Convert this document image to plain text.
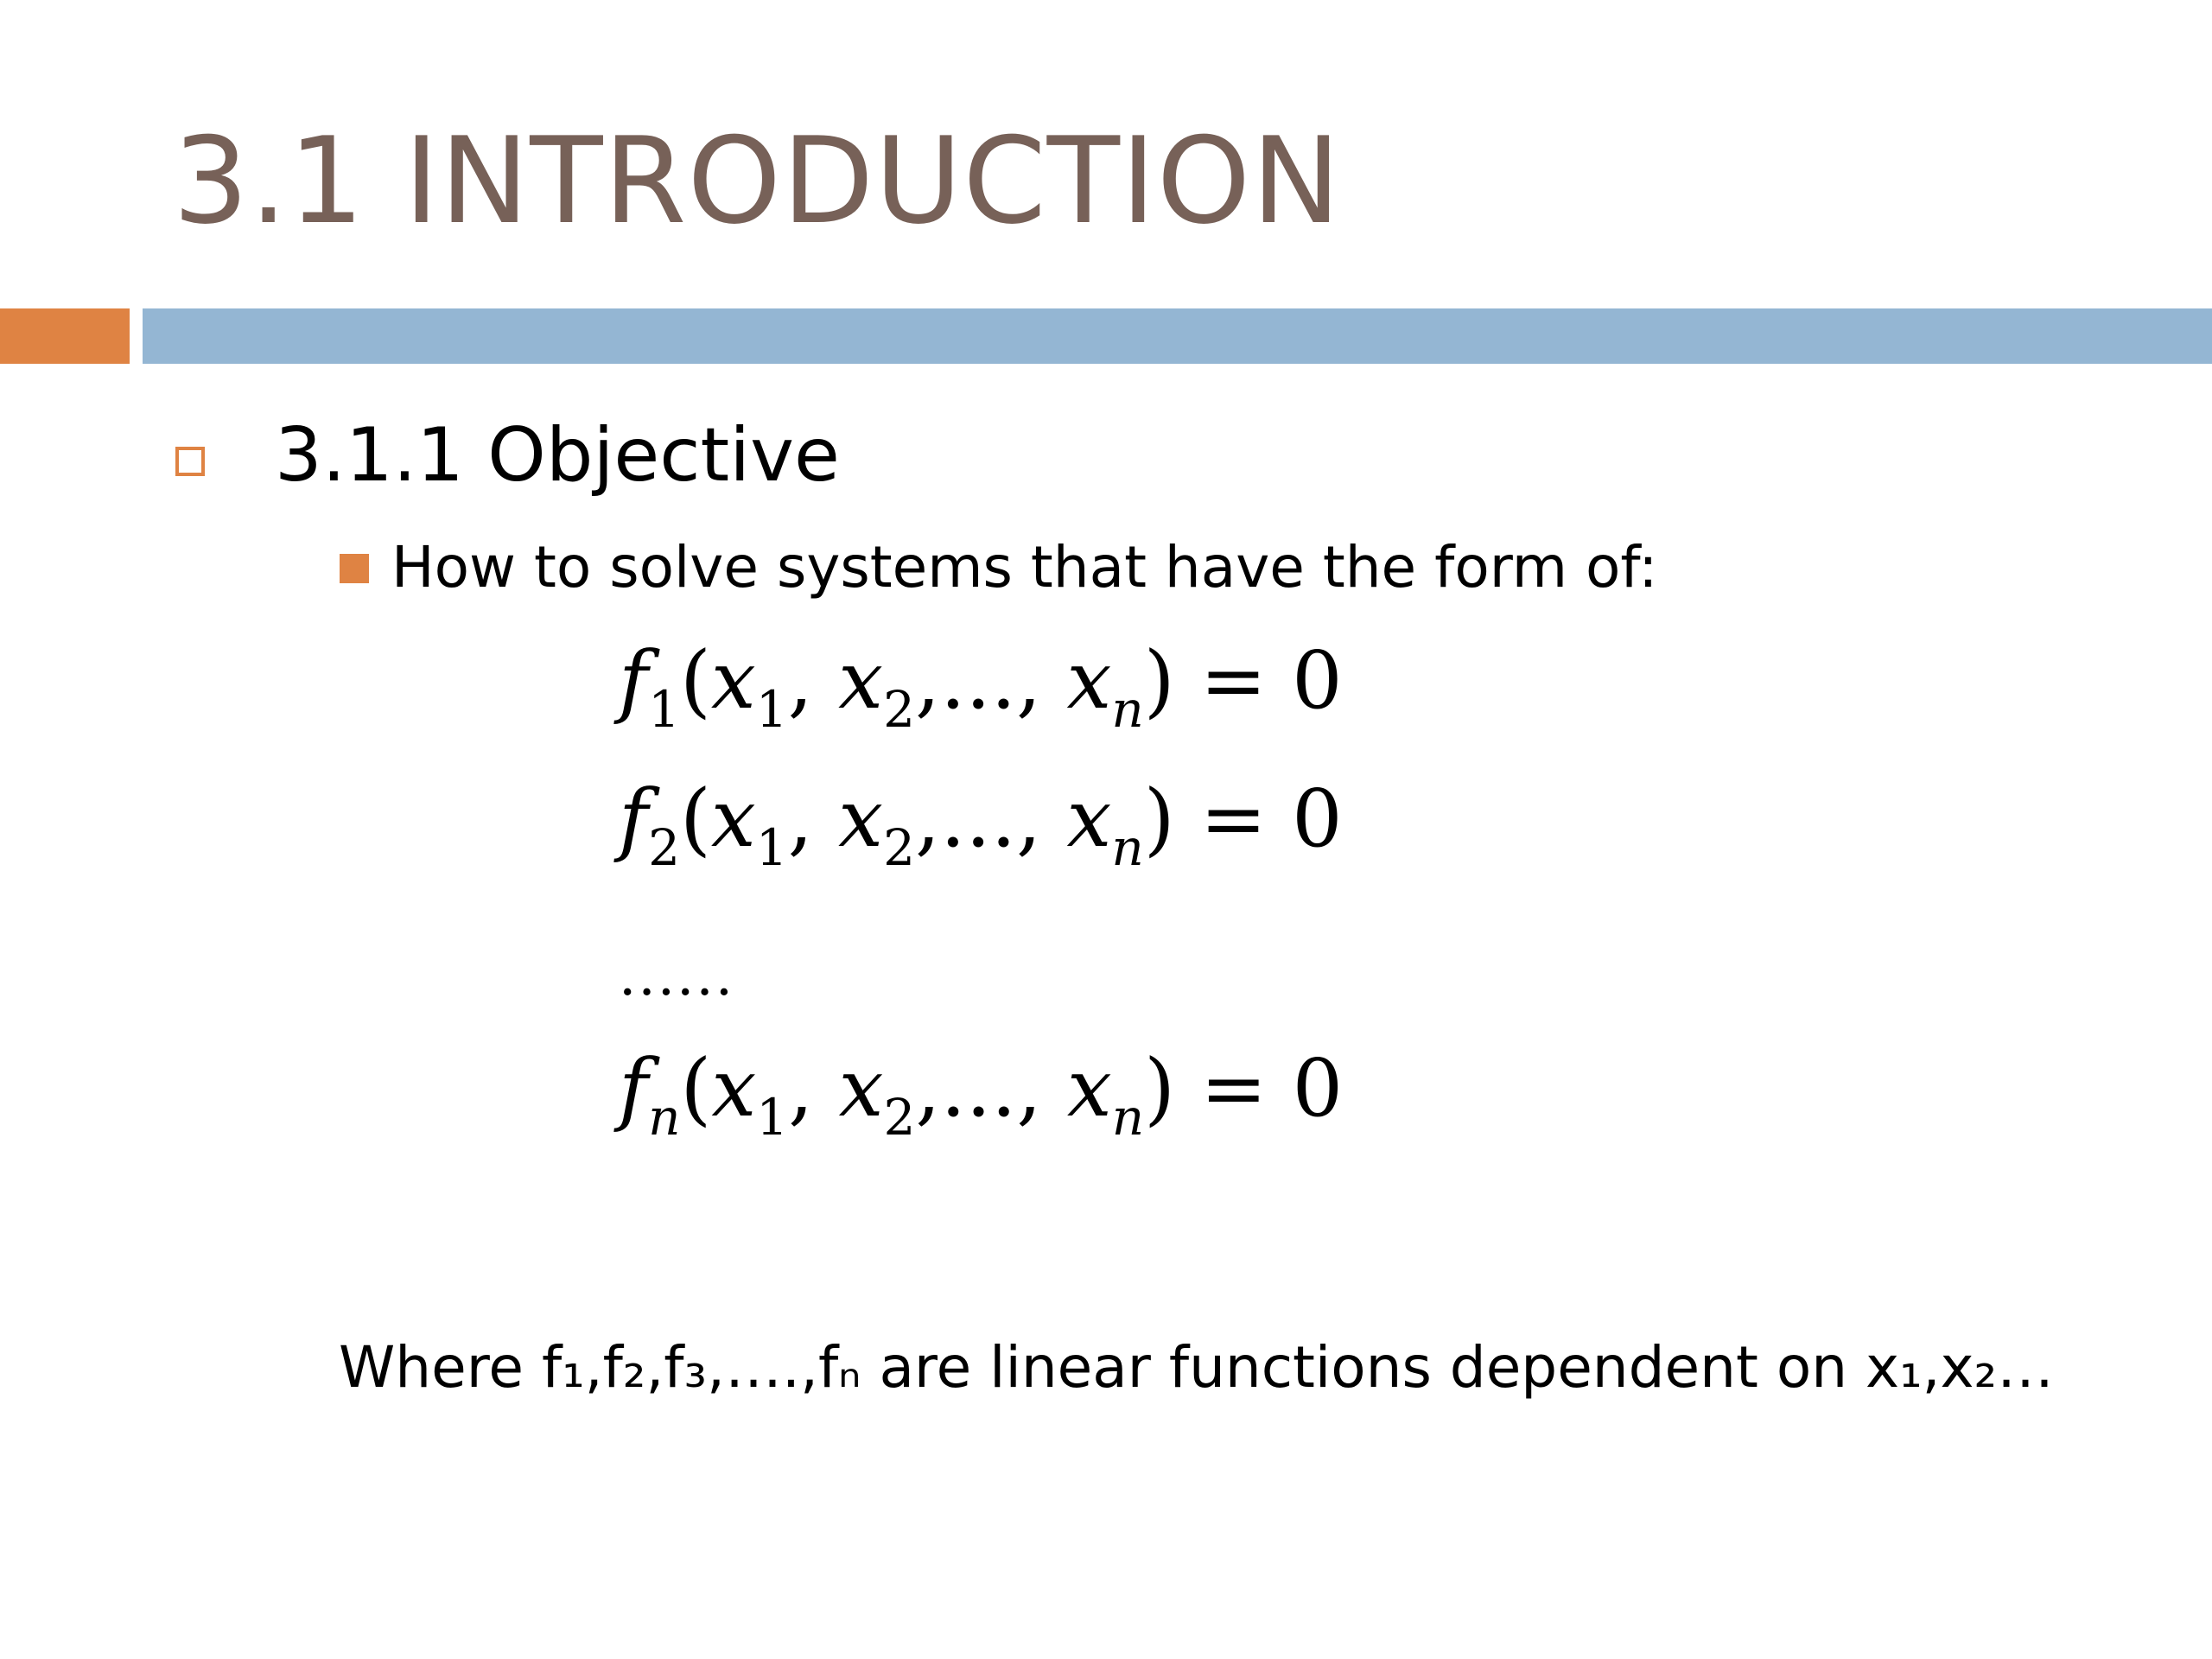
3.1 INTRODUCTION
3.1.1 Objective
How to solve systems that have the form of:
$f_1(x_1$, $x_2$,..., $x_n) = 0$
$f_2(x_1$, $x_2$,..., $x_n) = 0$
......
$f_n(x_1$, $x_2$,..., $x_n) = 0$
Where f₁,f₂,f₃,….,fₙ are linear functions dependent on x₁,x₂…
